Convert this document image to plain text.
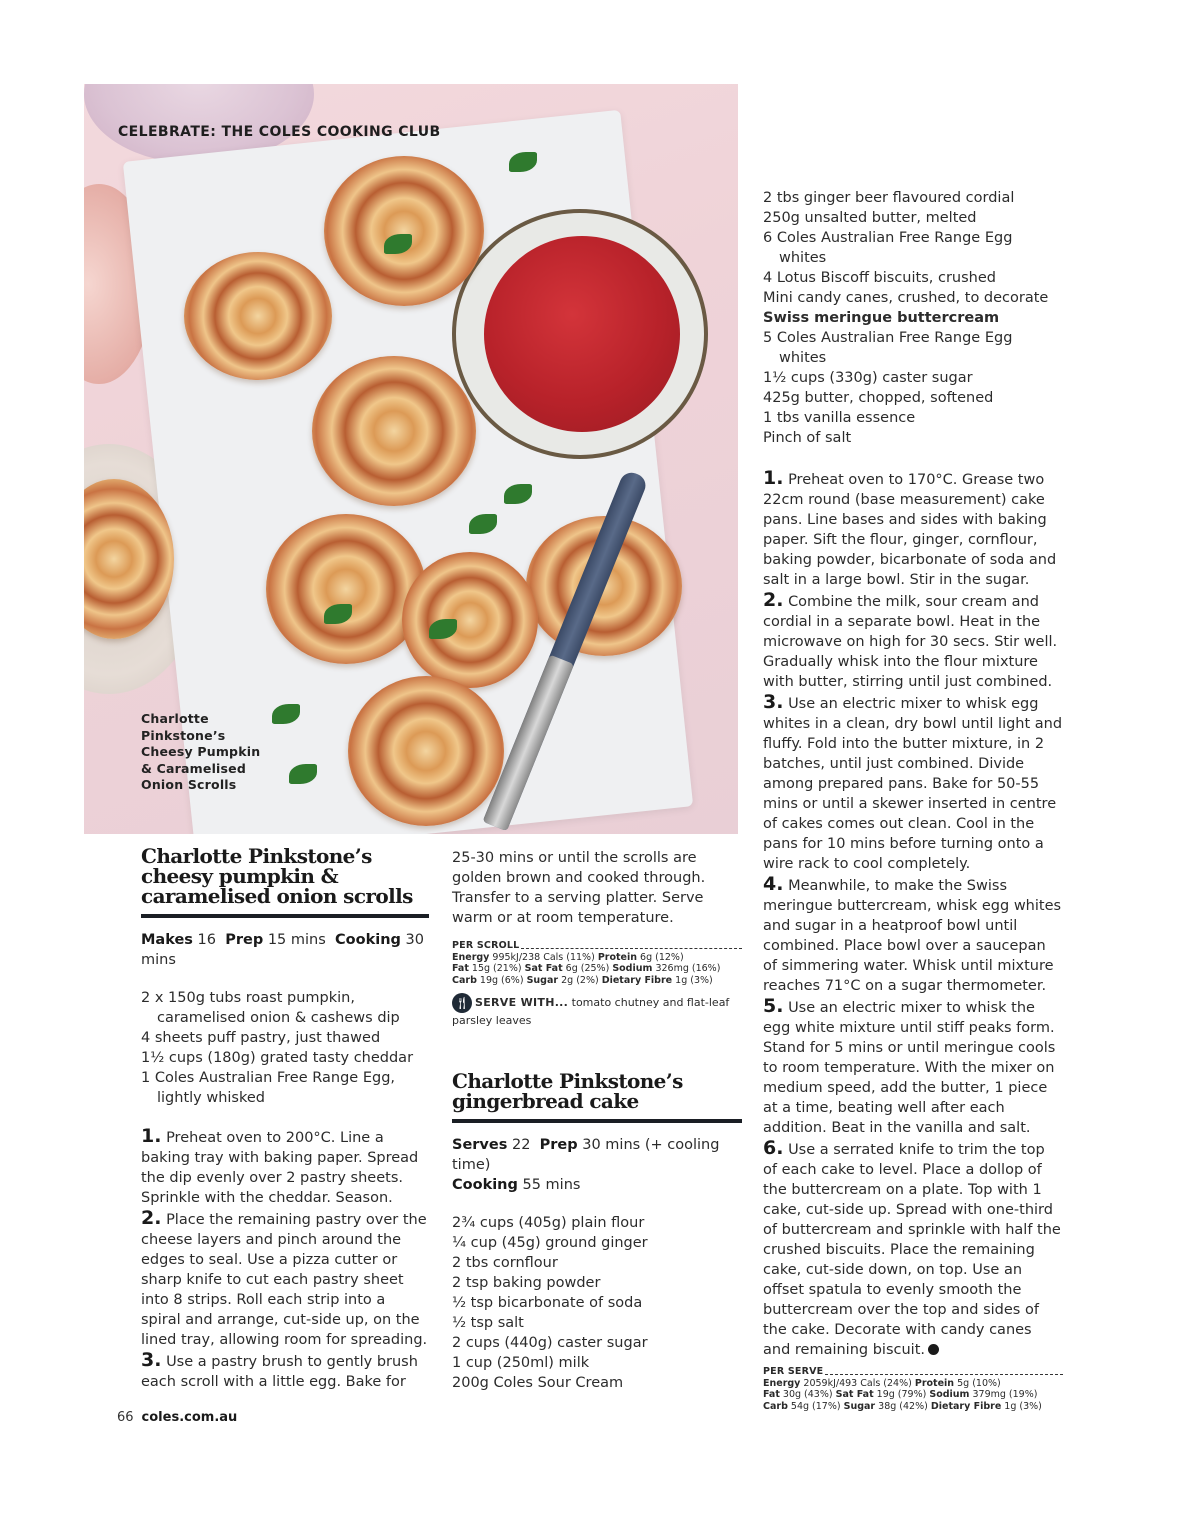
CELEBRATE: THE COLES COOKING CLUB
Charlotte
Pinkstone’s
Cheesy Pumpkin
& Caramelised
Onion Scrolls
Charlotte Pinkstone’s
cheesy pumpkin &
caramelised onion scrolls
Makes 16 Prep 15 mins Cooking 30 mins
2 x 150g tubs roast pumpkin, caramelised onion & cashews dip
4 sheets puff pastry, just thawed
1½ cups (180g) grated tasty cheddar
1 Coles Australian Free Range Egg, lightly whisked

1. Preheat oven to 200°C. Line a baking tray with baking paper. Spread the dip evenly over 2 pastry sheets. Sprinkle with the cheddar. Season.

2. Place the remaining pastry over the cheese layers and pinch around the edges to seal. Use a pizza cutter or sharp knife to cut each pastry sheet into 8 strips. Roll each strip into a spiral and arrange, cut-side up, on the lined tray, allowing room for spreading.

3. Use a pastry brush to gently brush each scroll with a little egg. Bake for

25-30 mins or until the scrolls are golden brown and cooked through. Transfer to a serving platter. Serve warm or at room temperature.

PER SCROLL
Energy 995kJ/238 Cals (11%) Protein 6g (12%)
Fat 15g (21%) Sat Fat 6g (25%) Sodium 326mg (16%)
Carb 19g (6%) Sugar 2g (2%) Dietary Fibre 1g (3%)
🍴︎ SERVE WITH... tomato chutney and flat-leaf parsley leaves
Charlotte Pinkstone’s
gingerbread cake
Serves 22 Prep 30 mins (+ cooling time)
Cooking 55 mins
2¾ cups (405g) plain flour
¼ cup (45g) ground ginger
2 tbs cornflour
2 tsp baking powder
½ tsp bicarbonate of soda
½ tsp salt
2 cups (440g) caster sugar
1 cup (250ml) milk
200g Coles Sour Cream
2 tbs ginger beer flavoured cordial
250g unsalted butter, melted
6 Coles Australian Free Range Egg whites
4 Lotus Biscoff biscuits, crushed
Mini candy canes, crushed, to decorate
Swiss meringue buttercream
5 Coles Australian Free Range Egg whites
1½ cups (330g) caster sugar
425g butter, chopped, softened
1 tbs vanilla essence
Pinch of salt

1. Preheat oven to 170°C. Grease two 22cm round (base measurement) cake pans. Line bases and sides with baking paper. Sift the flour, ginger, cornflour, baking powder, bicarbonate of soda and salt in a large bowl. Stir in the sugar.

2. Combine the milk, sour cream and cordial in a separate bowl. Heat in the microwave on high for 30 secs. Stir well. Gradually whisk into the flour mixture with butter, stirring until just combined.

3. Use an electric mixer to whisk egg whites in a clean, dry bowl until light and fluffy. Fold into the butter mixture, in 2 batches, until just combined. Divide among prepared pans. Bake for 50-55 mins or until a skewer inserted in centre of cakes comes out clean. Cool in the pans for 10 mins before turning onto a wire rack to cool completely.

4. Meanwhile, to make the Swiss meringue buttercream, whisk egg whites and sugar in a heatproof bowl until combined. Place bowl over a saucepan of simmering water. Whisk until mixture reaches 71°C on a sugar thermometer.

5. Use an electric mixer to whisk the egg white mixture until stiff peaks form. Stand for 5 mins or until meringue cools to room temperature. With the mixer on medium speed, add the butter, 1 piece at a time, beating well after each addition. Beat in the vanilla and salt.

6. Use a serrated knife to trim the top of each cake to level. Place a dollop of the buttercream on a plate. Top with 1 cake, cut-side up. Spread with one-third of buttercream and sprinkle with half the crushed biscuits. Place the remaining cake, cut-side down, on top. Use an offset spatula to evenly smooth the buttercream over the top and sides of the cake. Decorate with candy canes and remaining biscuit.

PER SERVE
Energy 2059kJ/493 Cals (24%) Protein 5g (10%)
Fat 30g (43%) Sat Fat 19g (79%) Sodium 379mg (19%)
Carb 54g (17%) Sugar 38g (42%) Dietary Fibre 1g (3%)
66 coles.com.au
